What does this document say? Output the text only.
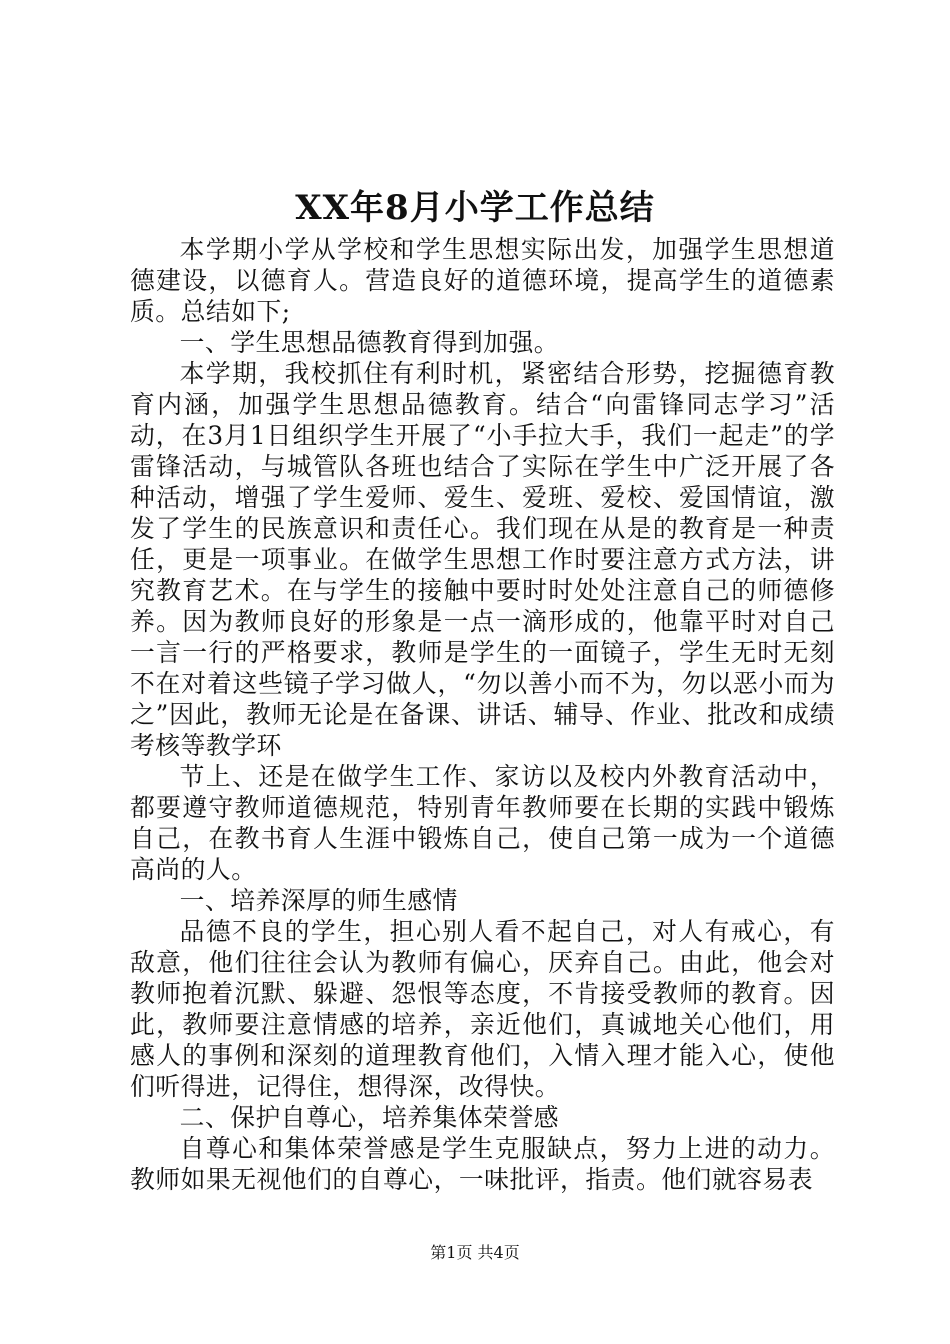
XX年8月小学工作总结

本学期小学从学校和学生思想实际出发，加强学生思想道德建设，以德育人。营造良好的道德环境，提高学生的道德素质。总结如下;

一、学生思想品德教育得到加强。

本学期，我校抓住有利时机，紧密结合形势，挖掘德育教育内涵，加强学生思想品德教育。结合“向雷锋同志学习”活动，在3月1日组织学生开展了“小手拉大手，我们一起走”的学雷锋活动，与城管队各班也结合了实际在学生中广泛开展了各种活动，增强了学生爱师、爱生、爱班、爱校、爱国情谊，激发了学生的民族意识和责任心。我们现在从是的教育是一种责任，更是一项事业。在做学生思想工作时要注意方式方法，讲究教育艺术。在与学生的接触中要时时处处注意自己的师德修养。因为教师良好的形象是一点一滴形成的，他靠平时对自己一言一行的严格要求，教师是学生的一面镜子，学生无时无刻不在对着这些镜子学习做人，“勿以善小而不为，勿以恶小而为之”因此，教师无论是在备课、讲话、辅导、作业、批改和成绩考核等教学环

节上、还是在做学生工作、家访以及校内外教育活动中，都要遵守教师道德规范，特别青年教师要在长期的实践中锻炼自己，在教书育人生涯中锻炼自己，使自己第一成为一个道德高尚的人。

一、培养深厚的师生感情

品德不良的学生，担心别人看不起自己，对人有戒心，有敌意，他们往往会认为教师有偏心，厌弃自己。由此，他会对教师抱着沉默、躲避、怨恨等态度，不肯接受教师的教育。因此，教师要注意情感的培养，亲近他们，真诚地关心他们，用感人的事例和深刻的道理教育他们，入情入理才能入心，使他们听得进，记得住，想得深，改得快。

二、保护自尊心，培养集体荣誉感

自尊心和集体荣誉感是学生克服缺点，努力上进的动力。教师如果无视他们的自尊心，一味批评，指责。他们就容易表

第1页 共4页
